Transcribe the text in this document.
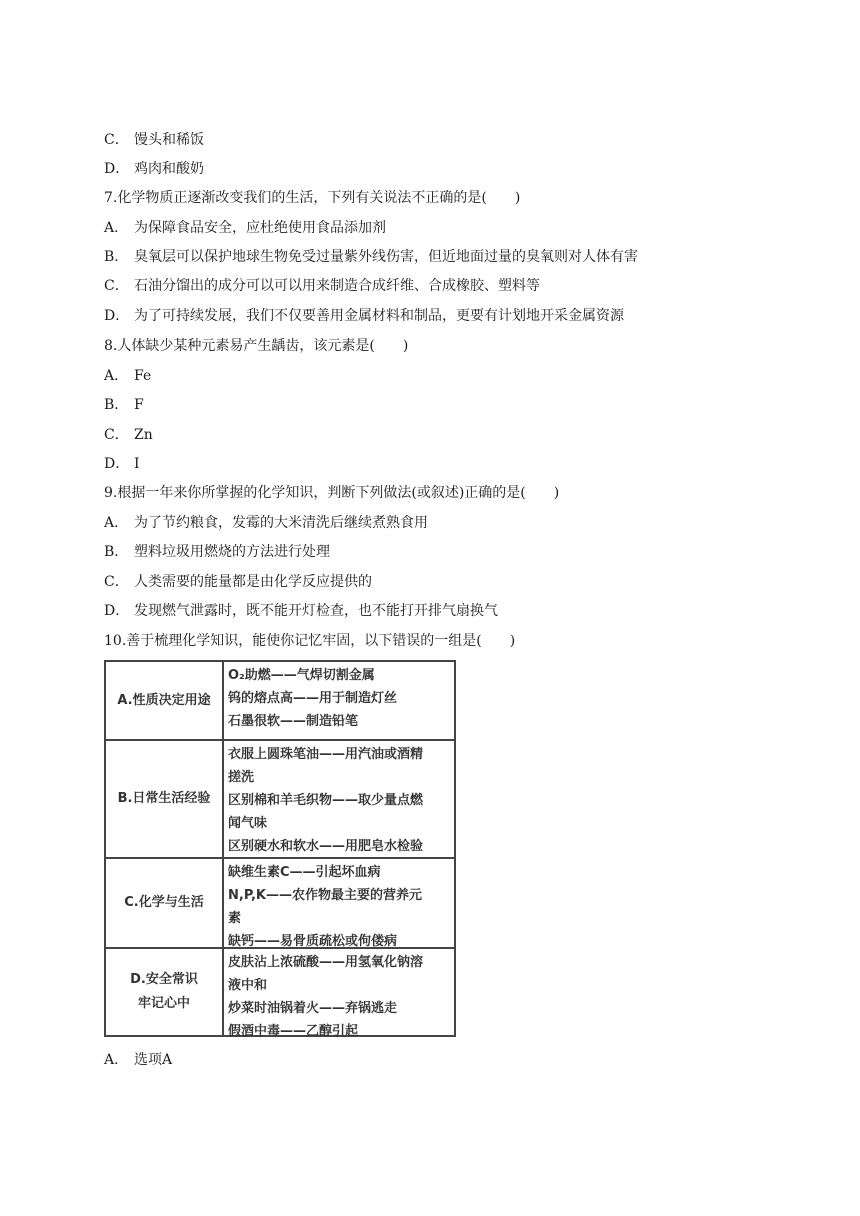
C． 馒头和稀饭
D． 鸡肉和酸奶
7.化学物质正逐渐改变我们的生活，下列有关说法不正确的是(　　)
A． 为保障食品安全，应杜绝使用食品添加剂
B． 臭氧层可以保护地球生物免受过量紫外线伤害，但近地面过量的臭氧则对人体有害
C． 石油分馏出的成分可以可以用来制造合成纤维、合成橡胶、塑料等
D． 为了可持续发展，我们不仅要善用金属材料和制品，更要有计划地开采金属资源
8.人体缺少某种元素易产生龋齿，该元素是(　　)
A． Fe
B． F
C． Zn
D． I
9.根据一年来你所掌握的化学知识，判断下列做法(或叙述)正确的是(　　)
A． 为了节约粮食，发霉的大米清洗后继续煮熟食用
B． 塑料垃圾用燃烧的方法进行处理
C． 人类需要的能量都是由化学反应提供的
D． 发现燃气泄露时，既不能开灯检查，也不能打开排气扇换气
10.善于梳理化学知识，能使你记忆牢固，以下错误的一组是(　　)
A.性质决定用途
O₂助燃——气焊切割金属
钨的熔点高——用于制造灯丝
石墨很软——制造铅笔
B.日常生活经验
衣服上圆珠笔油——用汽油或酒精
搓洗
区别棉和羊毛织物——取少量点燃
闻气味
区别硬水和软水——用肥皂水检验
C.化学与生活
缺维生素C——引起坏血病
N,P,K——农作物最主要的营养元
素
缺钙——易骨质疏松或佝偻病
D.安全常识
牢记心中
皮肤沾上浓硫酸——用氢氧化钠溶
液中和
炒菜时油锅着火——弃锅逃走
假酒中毒——乙醇引起
A． 选项A
